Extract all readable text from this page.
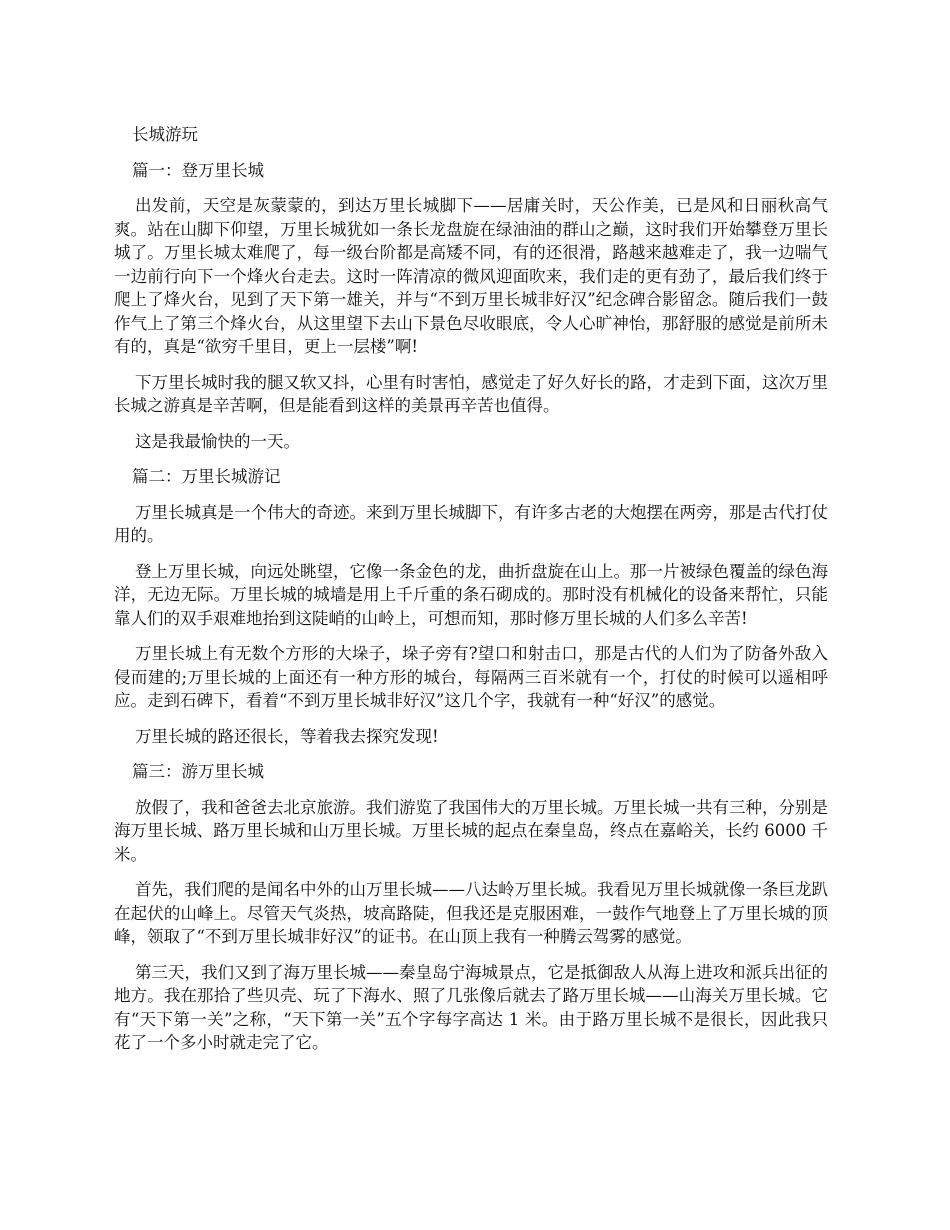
长城游玩
篇一：登万里长城

出发前，天空是灰蒙蒙的，到达万里长城脚下——居庸关时，天公作美，已是风和日丽秋高气爽。站在山脚下仰望，万里长城犹如一条长龙盘旋在绿油油的群山之巅，这时我们开始攀登万里长城了。万里长城太难爬了，每一级台阶都是高矮不同，有的还很滑，路越来越难走了，我一边喘气一边前行向下一个烽火台走去。这时一阵清凉的微风迎面吹来，我们走的更有劲了，最后我们终于爬上了烽火台，见到了天下第一雄关，并与“不到万里长城非好汉”纪念碑合影留念。随后我们一鼓作气上了第三个烽火台，从这里望下去山下景色尽收眼底，令人心旷神怡，那舒服的感觉是前所未有的，真是“欲穷千里目，更上一层楼”啊!

下万里长城时我的腿又软又抖，心里有时害怕，感觉走了好久好长的路，才走到下面，这次万里长城之游真是辛苦啊，但是能看到这样的美景再辛苦也值得。

这是我最愉快的一天。

篇二：万里长城游记

万里长城真是一个伟大的奇迹。来到万里长城脚下，有许多古老的大炮摆在两旁，那是古代打仗用的。

登上万里长城，向远处眺望，它像一条金色的龙，曲折盘旋在山上。那一片被绿色覆盖的绿色海洋，无边无际。万里长城的城墙是用上千斤重的条石砌成的。那时没有机械化的设备来帮忙，只能靠人们的双手艰难地抬到这陡峭的山岭上，可想而知，那时修万里长城的人们多么辛苦!

万里长城上有无数个方形的大垛子，垛子旁有?望口和射击口，那是古代的人们为了防备外敌入侵而建的;万里长城的上面还有一种方形的城台，每隔两三百米就有一个，打仗的时候可以遥相呼应。走到石碑下，看着“不到万里长城非好汉”这几个字，我就有一种“好汉”的感觉。

万里长城的路还很长，等着我去探究发现!

篇三：游万里长城

放假了，我和爸爸去北京旅游。我们游览了我国伟大的万里长城。万里长城一共有三种，分别是海万里长城、路万里长城和山万里长城。万里长城的起点在秦皇岛，终点在嘉峪关，长约 6000 千米。

首先，我们爬的是闻名中外的山万里长城——八达岭万里长城。我看见万里长城就像一条巨龙趴在起伏的山峰上。尽管天气炎热，坡高路陡，但我还是克服困难，一鼓作气地登上了万里长城的顶峰，领取了“不到万里长城非好汉”的证书。在山顶上我有一种腾云驾雾的感觉。

第三天，我们又到了海万里长城——秦皇岛宁海城景点，它是抵御敌人从海上进攻和派兵出征的地方。我在那拾了些贝壳、玩了下海水、照了几张像后就去了路万里长城——山海关万里长城。它有“天下第一关”之称，“天下第一关”五个字每字高达 1 米。由于路万里长城不是很长，因此我只花了一个多小时就走完了它。
